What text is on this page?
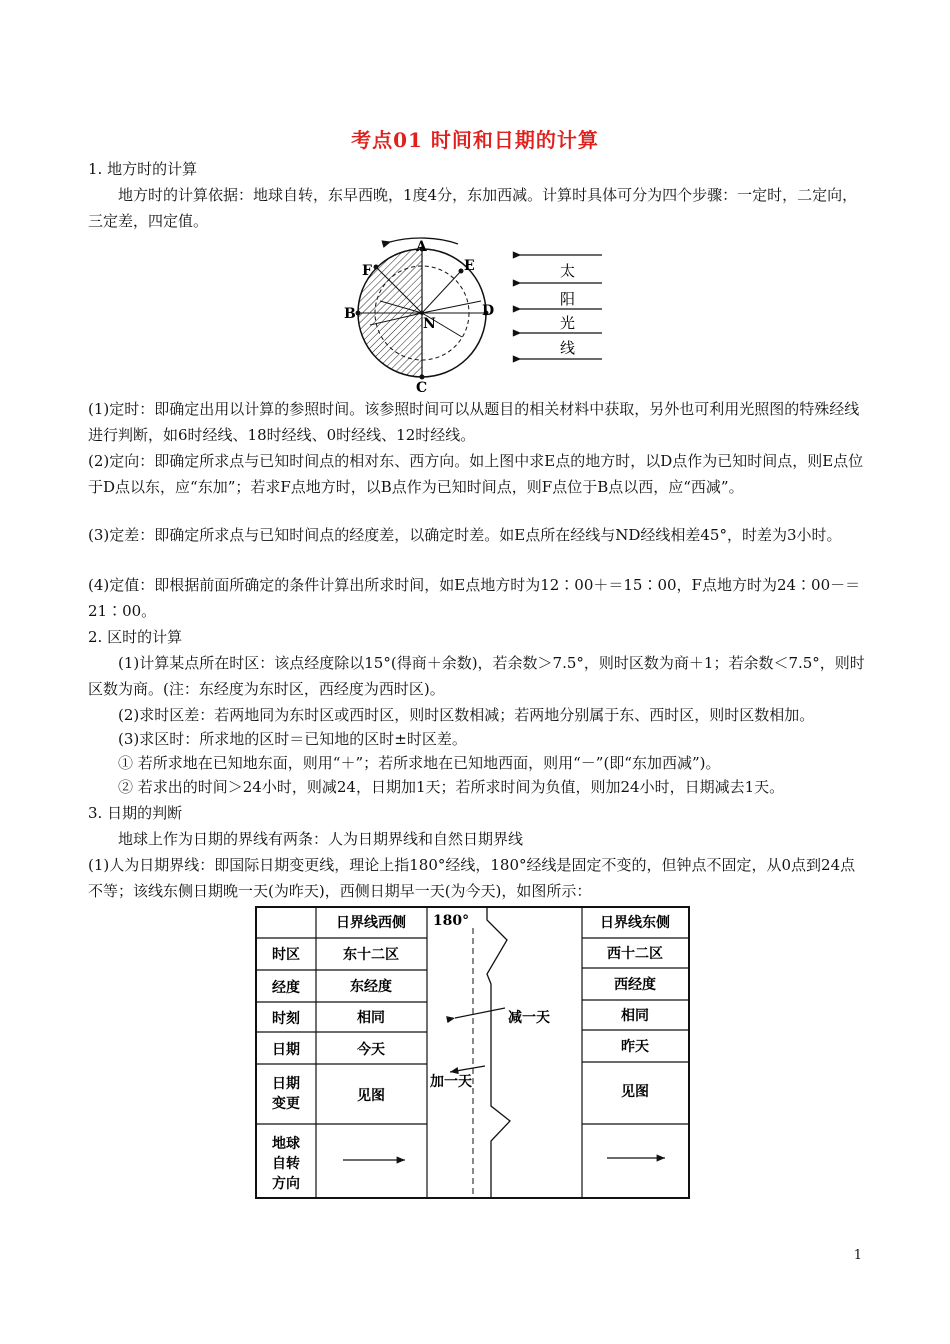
考点01 时间和日期的计算

1. 地方时的计算

地方时的计算依据：地球自转，东早西晚，1度4分，东加西减。计算时具体可分为四个步骤：一定时，二定向，三定差，四定值。

A
B
C
D
E
F
N
太
阳
光
线

(1)定时：即确定出用以计算的参照时间。该参照时间可以从题目的相关材料中获取，另外也可利用光照图的特殊经线进行判断，如6时经线、18时经线、0时经线、12时经线。

(2)定向：即确定所求点与已知时间点的相对东、西方向。如上图中求E点的地方时，以D点作为已知时间点，则E点位于D点以东，应“东加”；若求F点地方时，以B点作为已知时间点，则F点位于B点以西，应“西减”。

(3)定差：即确定所求点与已知时间点的经度差，以确定时差。如E点所在经线与ND经线相差45°，时差为3小时。

(4)定值：即根据前面所确定的条件计算出所求时间，如E点地方时为12∶00＋＝15∶00，F点地方时为24∶00－＝21∶00。

2. 区时的计算

(1)计算某点所在时区：该点经度除以15°(得商＋余数)，若余数＞7.5°，则时区数为商＋1；若余数＜7.5°，则时区数为商。(注：东经度为东时区，西经度为西时区)。

(2)求时区差：若两地同为东时区或西时区，则时区数相减；若两地分别属于东、西时区，则时区数相加。

(3)求区时：所求地的区时＝已知地的区时±时区差。

① 若所求地在已知地东面，则用“＋”；若所求地在已知地西面，则用“－”(即“东加西减”)。

② 若求出的时间＞24小时，则减24，日期加1天；若所求时间为负值，则加24小时，日期减去1天。

3. 日期的判断

地球上作为日期的界线有两条：人为日期界线和自然日期界线

(1)人为日期界线：即国际日期变更线，理论上指180°经线，180°经线是固定不变的，但钟点不固定，从0点到24点不等；该线东侧日期晚一天(为昨天)，西侧日期早一天(为今天)，如图所示：

180°
日界线西侧	日界线东侧
减一天
加一天
时区	东十二区	西十二区
经度	东经度	西经度
时刻	相同	相同
日期	今天	昨天
日期
变更	见图	见图
地球
自转
方向
1
